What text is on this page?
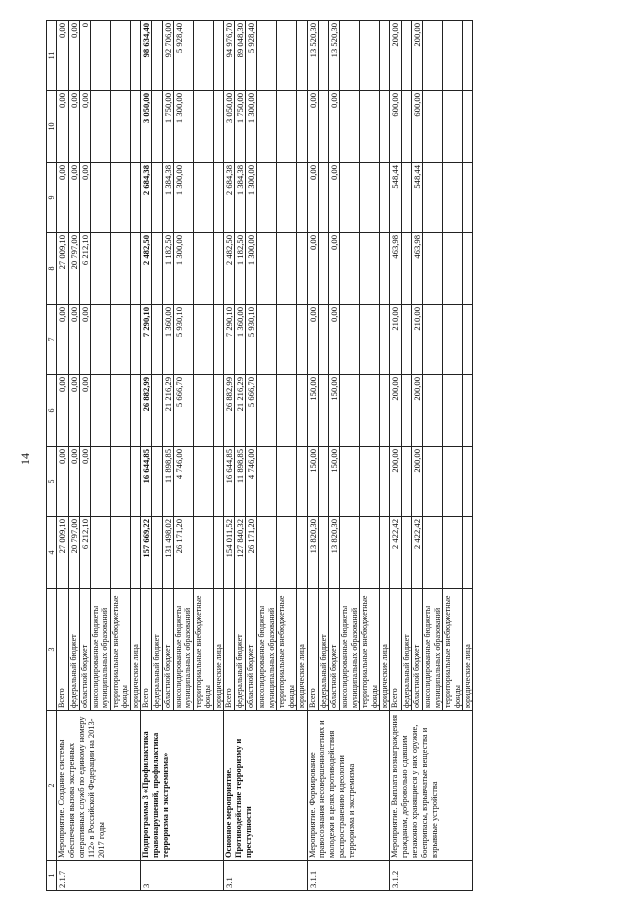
14
1	2	3	4	5	6	7	8	9	10	11
2.1.7	Мероприятие. Создание системы обеспечения вызова экстренных оперативных служб по единому номеру 112» в Российской Федерации на 2013-2017 годы	Всего	27 009,10	0,00	0,00	0,00	27 009,10	0,00	0,00	0,00
		федеральный бюджет	20 797,00	0,00	0,00	0,00	20 797,00	0,00	0,00	0,00
		областной бюджет	6 212,10	0,00	0,00	0,00	6 212,10	0,00	0,00	0
		консолидированные бюджеты муниципальных образований								
		территориальные внебюджетные фонды								
		юридические лица								
3	Подпрограмма 3 «Профилактика правонарушений, профилактика терроризма и экстремизма»	Всего	157 669,22	16 644,85	26 882,99	7 290,10	2 482,50	2 684,38	3 050,00	98 634,40
		федеральный бюджет								
		областной бюджет	131 498,02	11 898,85	21 216,29	1 360,00	1 182,50	1 384,38	1 750,00	92 706,00
		консолидированные бюджеты муниципальных образований	26 171,20	4 746,00	5 666,70	5 930,10	1 300,00	1 300,00	1 300,00	5 928,40
		территориальные внебюджетные фонды								
		юридические лица								
3.1	Основное мероприятие. Противодействие терроризму и преступности	Всего	154 011,52	16 644,85	26 882,99	7 290,10	2 482,50	2 684,38	3 050,00	94 976,70
		федеральный бюджет	127 840,32	11 898,85	21 216,29	1 360,00	1 182,50	1 384,38	1 750,00	89 048,30
		областной бюджет	26 171,20	4 746,00	5 666,70	5 930,10	1 300,00	1 300,00	1 300,00	5 928,40
		консолидированные бюджеты муниципальных образований								
		территориальные внебюджетные фонды								
		юридические лица								
3.1.1	Мероприятие. Формирование правосознания несовершеннолетних и молодежи в целях противодействия распространению идеологии терроризма и экстремизма	Всего	13 820,30	150,00	150,00	0,00	0,00	0,00	0,00	13 520,30
		федеральный бюджет								
		областной бюджет	13 820,30	150,00	150,00	0,00	0,00	0,00	0,00	13 520,30
		консолидированные бюджеты муниципальных образований								
		территориальные внебюджетные фонды								
		юридические лица								
3.1.2	Мероприятие. Выплата вознаграждения гражданам, добровольно сдавшим незаконно хранящиеся у них оружие, боеприпасы, взрывчатые вещества и взрывные устройства	Всего	2 422,42	200,00	200,00	210,00	463,98	548,44	600,00	200,00
		федеральный бюджет								
		областной бюджет	2 422,42	200,00	200,00	210,00	463,98	548,44	600,00	200,00
		консолидированные бюджеты муниципальных образований								
		территориальные внебюджетные фонды								
		юридические лица								
